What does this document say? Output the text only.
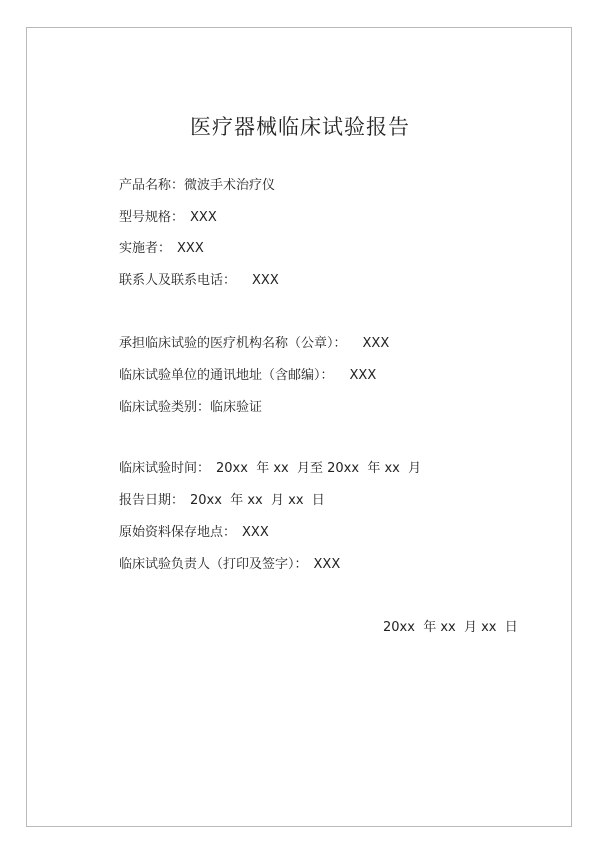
医疗器械临床试验报告
产品名称：微波手术治疗仪
型号规格： XXX
实施者： XXX
联系人及联系电话： XXX
承担临床试验的医疗机构名称（公章）： XXX
临床试验单位的通讯地址（含邮编）： XXX
临床试验类别：临床验证
临床试验时间： 20xx  年 xx  月至 20xx  年 xx  月
报告日期： 20xx  年 xx  月 xx  日
原始资料保存地点： XXX
临床试验负责人（打印及签字）： XXX
20xx  年 xx  月 xx  日
